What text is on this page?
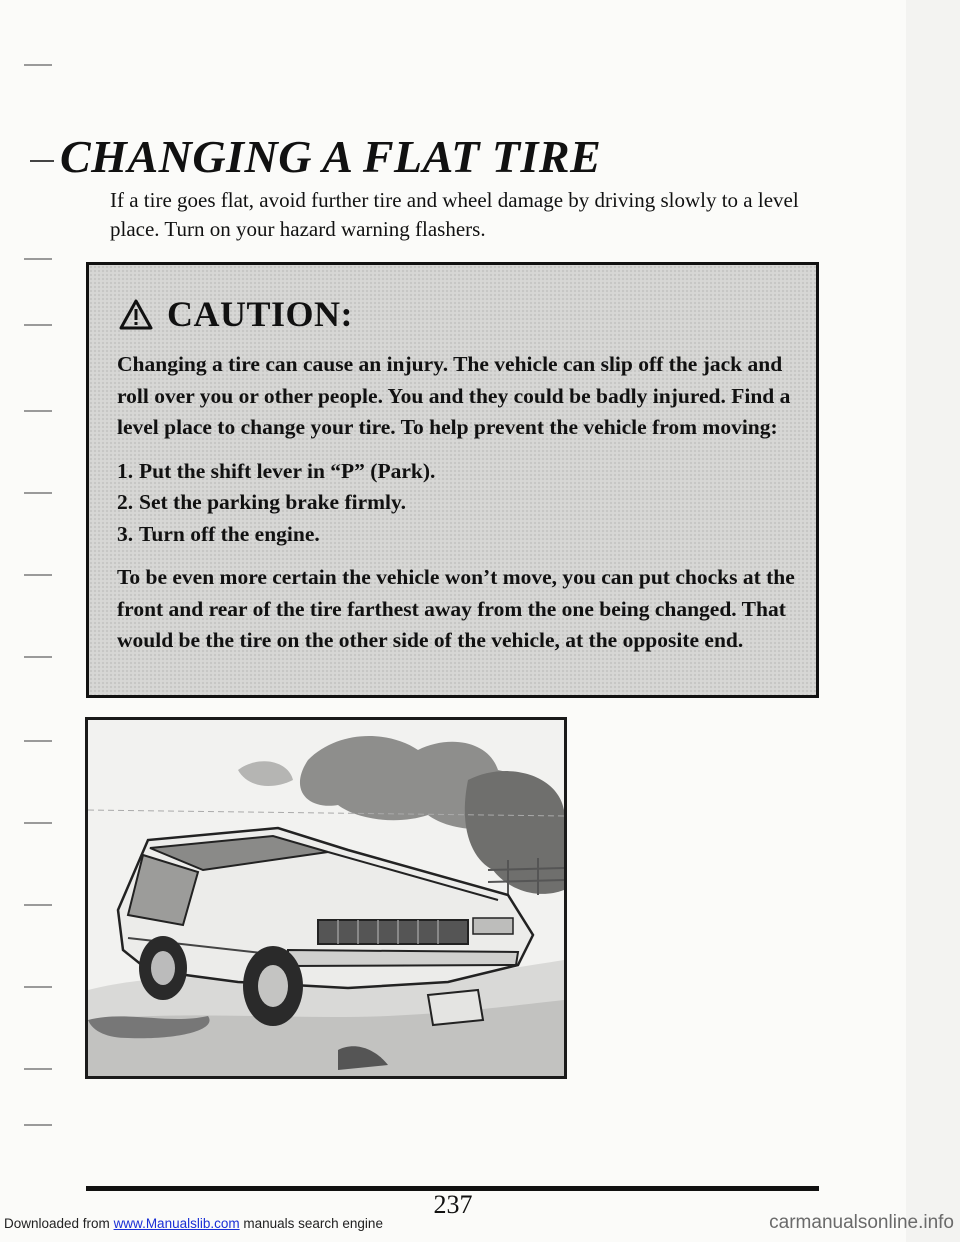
CHANGING A FLAT TIRE

If a tire goes flat, avoid further tire and wheel damage by driving slowly to a level place. Turn on your hazard warning flashers.

CAUTION:

Changing a tire can cause an injury. The vehicle can slip off the jack and roll over you or other people. You and they could be badly injured. Find a level place to change your tire. To help prevent the vehicle from moving:

1. Put the shift lever in “P” (Park).
2. Set the parking brake firmly.
3. Turn off the engine.

To be even more certain the vehicle won’t move, you can put chocks at the front and rear of the tire farthest away from the one being changed. That would be the tire on the other side of the vehicle, at the opposite end.

237
Downloaded from www.Manualslib.com manuals search engine	carmanualsonline.info
